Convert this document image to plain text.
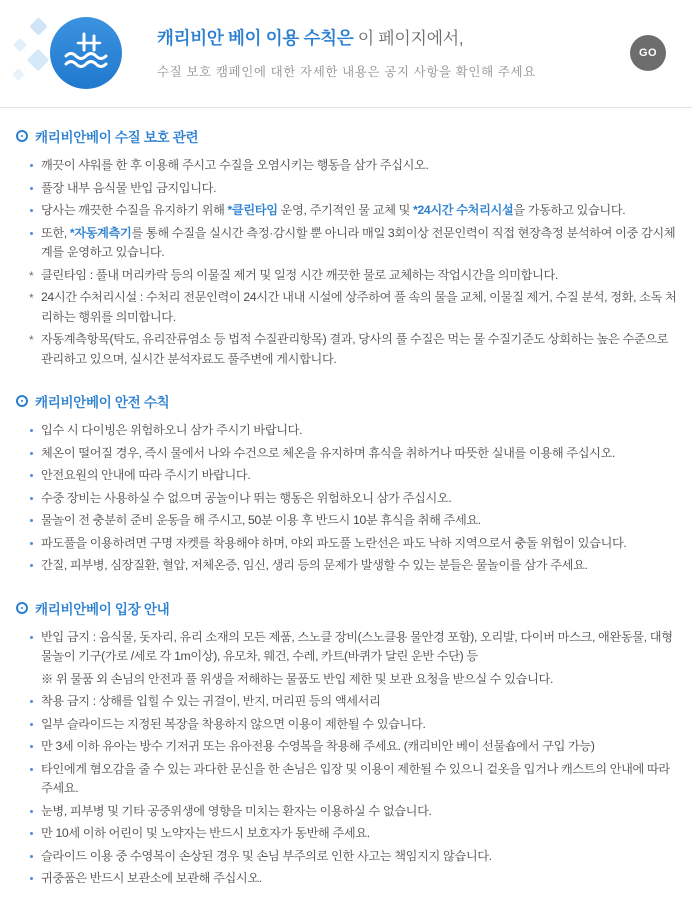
캐리비안 베이 이용 수칙은 이 페이지에서,
수질 보호 캠페인에 대한 자세한 내용은 공지 사항을 확인해 주세요
GO
캐리비안베이 수질 보호 관련
깨끗이 샤워를 한 후 이용해 주시고 수질을 오염시키는 행동을 삼가 주십시오.
풀장 내부 음식물 반입 금지입니다.
당사는 깨끗한 수질을 유지하기 위해 *클린타임 운영, 주기적인 물 교체 및 *24시간 수처리시설을 가동하고 있습니다.
또한, *자동계측기를 통해 수질을 실시간 측정·감시할 뿐 아니라 매일 3회이상 전문인력이 직접 현장측정 분석하여 이중 감시체계를 운영하고 있습니다.
* 클린타임 : 풀내 머리카락 등의 이물질 제거 및 일정 시간 깨끗한 물로 교체하는 작업시간을 의미합니다.
* 24시간 수처리시설 : 수처리 전문인력이 24시간 내내 시설에 상주하여 풀 속의 물을 교체, 이물질 제거, 수질 분석, 정화, 소독 처리하는 행위를 의미합니다.
* 자동계측항목(탁도, 유리잔류염소 등 법적 수질관리항목) 결과, 당사의 풀 수질은 먹는 물 수질기준도 상회하는 높은 수준으로 관리하고 있으며, 실시간 분석자료도 풀주변에 게시합니다.
캐리비안베이 안전 수칙
입수 시 다이빙은 위험하오니 삼가 주시기 바랍니다.
체온이 떨어질 경우, 즉시 물에서 나와 수건으로 체온을 유지하며 휴식을 취하거나 따뜻한 실내를 이용해 주십시오.
안전요원의 안내에 따라 주시기 바랍니다.
수중 장비는 사용하실 수 없으며 공놀이나 뛰는 행동은 위험하오니 삼가 주십시오.
물놀이 전 충분히 준비 운동을 해 주시고, 50분 이용 후 반드시 10분 휴식을 취해 주세요.
파도풀을 이용하려면 구명 자켓를 착용해야 하며, 야외 파도풀 노란선은 파도 낙하 지역으로서 충돌 위험이 있습니다.
간질, 피부병, 심장질환, 혈압, 저체온증, 임신, 생리 등의 문제가 발생할 수 있는 분들은 물놀이를 삼가 주세요.
캐리비안베이 입장 안내
반입 금지 : 음식물, 돗자리, 유리 소재의 모든 제품, 스노클 장비(스노클용 물안경 포함), 오리발, 다이버 마스크, 애완동물, 대형 물놀이 기구(가로 /세로 각 1m이상), 유모차, 웨건, 수레, 카트(바퀴가 달린 운반 수단) 등
※ 위 물품 외 손님의 안전과 풀 위생을 저해하는 물품도 반입 제한 및 보관 요청을 받으실 수 있습니다.
착용 금지 : 상해를 입힐 수 있는 귀걸이, 반지, 머리핀 등의 액세서리
일부 슬라이드는 지정된 복장을 착용하지 않으면 이용이 제한될 수 있습니다.
만 3세 이하 유아는 방수 기저귀 또는 유아전용 수영복을 착용해 주세요. (캐리비안 베이 선물숍에서 구입 가능)
타인에게 혐오감을 줄 수 있는 과다한 문신을 한 손님은 입장 및 이용이 제한될 수 있으니 겉옷을 입거나 캐스트의 안내에 따라 주세요.
눈병, 피부병 및 기타 공중위생에 영향을 미치는 환자는 이용하실 수 없습니다.
만 10세 이하 어린이 및 노약자는 반드시 보호자가 동반해 주세요.
슬라이드 이용 중 수영복이 손상된 경우 및 손님 부주의로 인한 사고는 책임지지 않습니다.
귀중품은 반드시 보관소에 보관해 주십시오.
